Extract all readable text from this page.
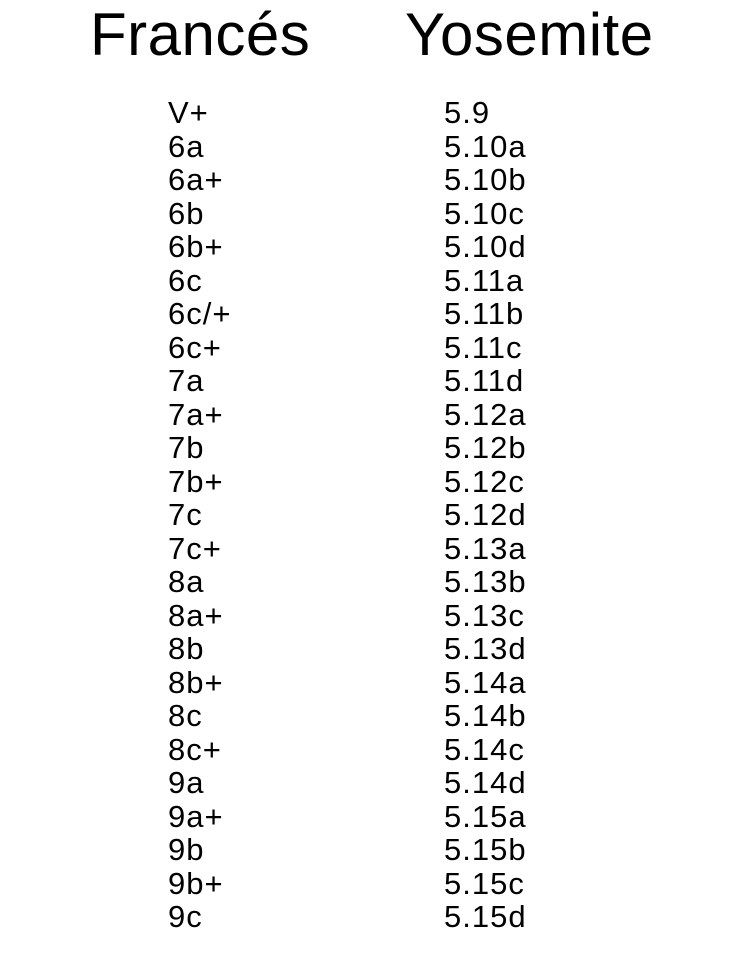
Francés Yosemite
V+	5.9
6a	5.10a
6a+	5.10b
6b	5.10c
6b+	5.10d
6c	5.11a
6c/+	5.11b
6c+	5.11c
7a	5.11d
7a+	5.12a
7b	5.12b
7b+	5.12c
7c	5.12d
7c+	5.13a
8a	5.13b
8a+	5.13c
8b	5.13d
8b+	5.14a
8c	5.14b
8c+	5.14c
9a	5.14d
9a+	5.15a
9b	5.15b
9b+	5.15c
9c	5.15d
